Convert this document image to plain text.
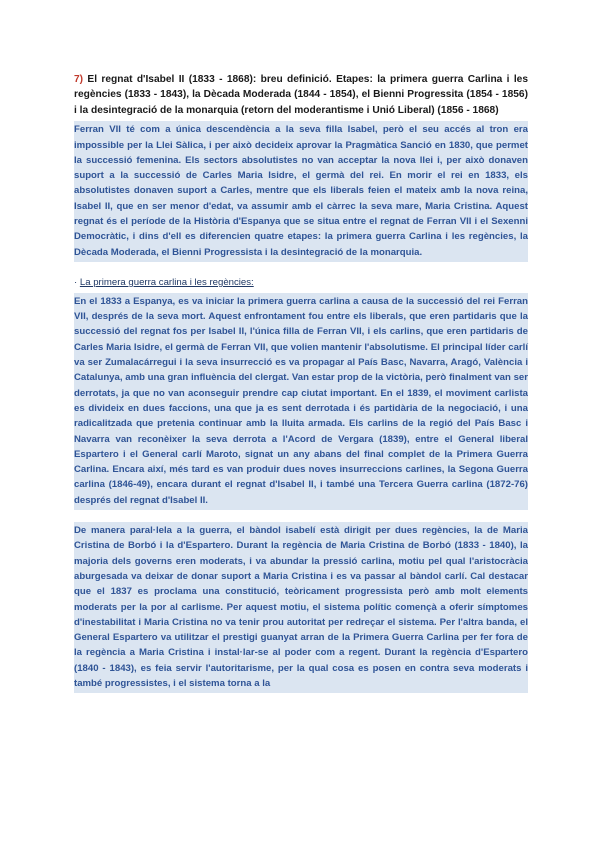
7) El regnat d'Isabel II (1833 - 1868): breu definició. Etapes: la primera guerra Carlina i les regències (1833 - 1843), la Dècada Moderada (1844 - 1854), el Bienni Progressita (1854 - 1856) i la desintegració de la monarquia (retorn del moderantisme i Unió Liberal) (1856 - 1868)

Ferran VII té com a única descendència a la seva filla Isabel, però el seu accés al tron era impossible per la Llei Sàlica, i per això decideix aprovar la Pragmàtica Sanció en 1830, que permet la successió femenina. Els sectors absolutistes no van acceptar la nova llei i, per això donaven suport a la successió de Carles Maria Isidre, el germà del rei. En morir el rei en 1833, els absolutistes donaven suport a Carles, mentre que els liberals feien el mateix amb la nova reina, Isabel II, que en ser menor d'edat, va assumir amb el càrrec la seva mare, Maria Cristina. Aquest regnat és el període de la Història d'Espanya que se situa entre el regnat de Ferran VII i el Sexenni Democràtic, i dins d'ell es diferencien quatre etapes: la primera guerra Carlina i les regències, la Dècada Moderada, el Bienni Progressista i la desintegració de la monarquia.

· La primera guerra carlina i les regències:

En el 1833 a Espanya, es va iniciar la primera guerra carlina a causa de la successió del rei Ferran VII, després de la seva mort. Aquest enfrontament fou entre els liberals, que eren partidaris que la successió del regnat fos per Isabel II, l'única filla de Ferran VII, i els carlins, que eren partidaris de Carles Maria Isidre, el germà de Ferran VII, que volien mantenir l'absolutisme. El principal líder carlí va ser Zumalacárregui i la seva insurrecció es va propagar al País Basc, Navarra, Aragó, València i Catalunya, amb una gran influència del clergat. Van estar prop de la victòria, però finalment van ser derrotats, ja que no van aconseguir prendre cap ciutat important. En el 1839, el moviment carlista es divideix en dues faccions, una que ja es sent derrotada i és partidària de la negociació, i una radicalitzada que pretenia continuar amb la lluita armada. Els carlins de la regió del País Basc i Navarra van reconèixer la seva derrota a l'Acord de Vergara (1839), entre el General liberal Espartero i el General carlí Maroto, signat un any abans del final complet de la Primera Guerra Carlina. Encara així, més tard es van produir dues noves insurreccions carlines, la Segona Guerra carlina (1846-49), encara durant el regnat d'Isabel II, i també una Tercera Guerra carlina (1872-76) després del regnat d'Isabel II.

De manera paral·lela a la guerra, el bàndol isabelí està dirigit per dues regències, la de Maria Cristina de Borbó i la d'Espartero. Durant la regència de Maria Cristina de Borbó (1833 - 1840), la majoria dels governs eren moderats, i va abundar la pressió carlina, motiu pel qual l'aristocràcia aburgesada va deixar de donar suport a Maria Cristina i es va passar al bàndol carlí. Cal destacar que el 1837 es proclama una constitució, teòricament progressista però amb molt elements moderats per la por al carlisme. Per aquest motiu, el sistema polític començà a oferir símptomes d'inestabilitat i Maria Cristina no va tenir prou autoritat per redreçar el sistema. Per l'altra banda, el General Espartero va utilitzar el prestigi guanyat arran de la Primera Guerra Carlina per fer fora de la regència a Maria Cristina i instal·lar-se al poder com a regent. Durant la regència d'Espartero (1840 - 1843), es feia servir l'autoritarisme, per la qual cosa es posen en contra seva moderats i també progressistes, i el sistema torna a la
